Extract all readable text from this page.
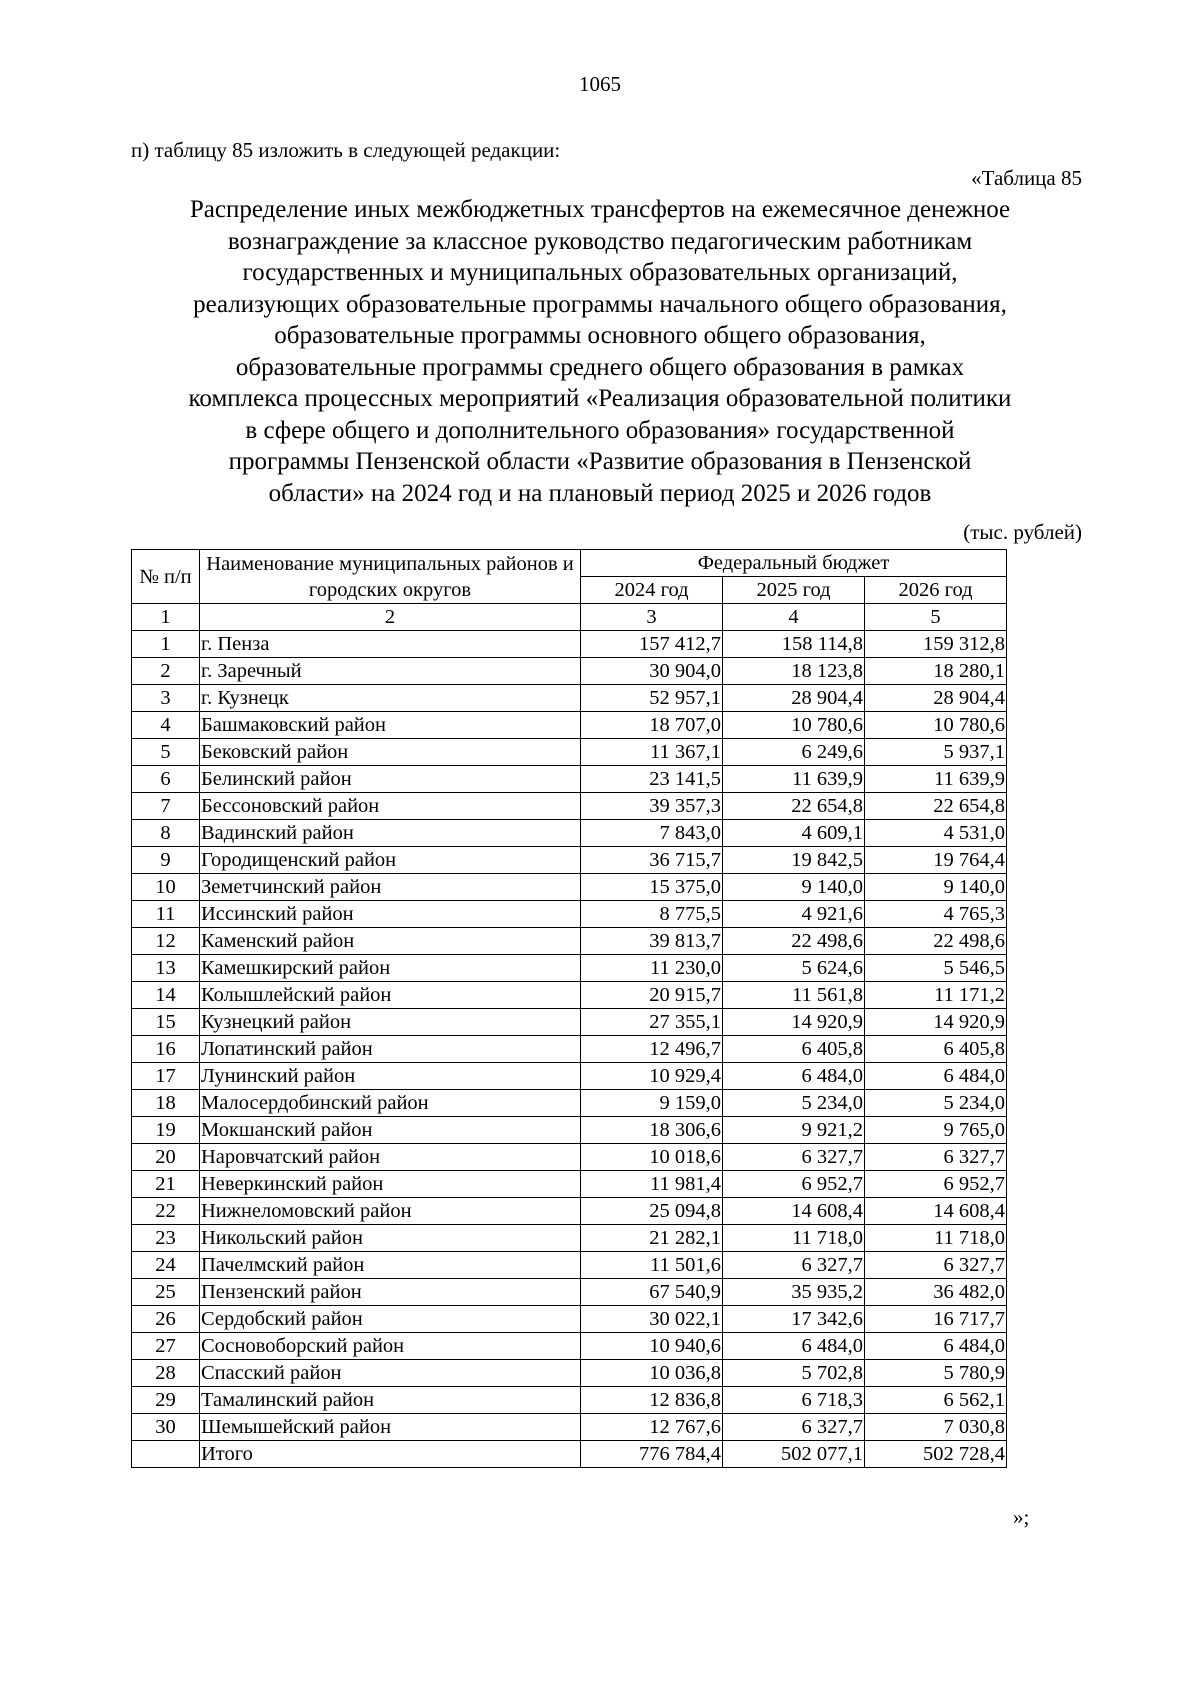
1065
п) таблицу 85 изложить в следующей редакции:
«Таблица 85
Распределение иных межбюджетных трансфертов на ежемесячное денежное
вознаграждение за классное руководство педагогическим работникам
государственных и муниципальных образовательных организаций,
реализующих образовательные программы начального общего образования,
образовательные программы основного общего образования,
образовательные программы среднего общего образования в рамках
комплекса процессных мероприятий «Реализация образовательной политики
в сфере общего и дополнительного образования» государственной
программы Пензенской области «Развитие образования в Пензенской
области» на 2024 год и на плановый период 2025 и 2026 годов
(тыс. рублей)
№ п/п	Наименование муниципальных районов и городских округов	Федеральный бюджет		
		2024 год	2025 год	2026 год
1	2	3	4	5
1	г. Пенза	157 412,7	158 114,8	159 312,8
2	г. Заречный	30 904,0	18 123,8	18 280,1
3	г. Кузнецк	52 957,1	28 904,4	28 904,4
4	Башмаковский район	18 707,0	10 780,6	10 780,6
5	Бековский район	11 367,1	6 249,6	5 937,1
6	Белинский район	23 141,5	11 639,9	11 639,9
7	Бессоновский район	39 357,3	22 654,8	22 654,8
8	Вадинский район	7 843,0	4 609,1	4 531,0
9	Городищенский район	36 715,7	19 842,5	19 764,4
10	Земетчинский район	15 375,0	9 140,0	9 140,0
11	Иссинский район	8 775,5	4 921,6	4 765,3
12	Каменский район	39 813,7	22 498,6	22 498,6
13	Камешкирский район	11 230,0	5 624,6	5 546,5
14	Колышлейский район	20 915,7	11 561,8	11 171,2
15	Кузнецкий район	27 355,1	14 920,9	14 920,9
16	Лопатинский район	12 496,7	6 405,8	6 405,8
17	Лунинский район	10 929,4	6 484,0	6 484,0
18	Малосердобинский район	9 159,0	5 234,0	5 234,0
19	Мокшанский район	18 306,6	9 921,2	9 765,0
20	Наровчатский район	10 018,6	6 327,7	6 327,7
21	Неверкинский район	11 981,4	6 952,7	6 952,7
22	Нижнеломовский район	25 094,8	14 608,4	14 608,4
23	Никольский район	21 282,1	11 718,0	11 718,0
24	Пачелмский район	11 501,6	6 327,7	6 327,7
25	Пензенский район	67 540,9	35 935,2	36 482,0
26	Сердобский район	30 022,1	17 342,6	16 717,7
27	Сосновоборский район	10 940,6	6 484,0	6 484,0
28	Спасский район	10 036,8	5 702,8	5 780,9
29	Тамалинский район	12 836,8	6 718,3	6 562,1
30	Шемышейский район	12 767,6	6 327,7	7 030,8
	Итого	776 784,4	502 077,1	502 728,4
»;
